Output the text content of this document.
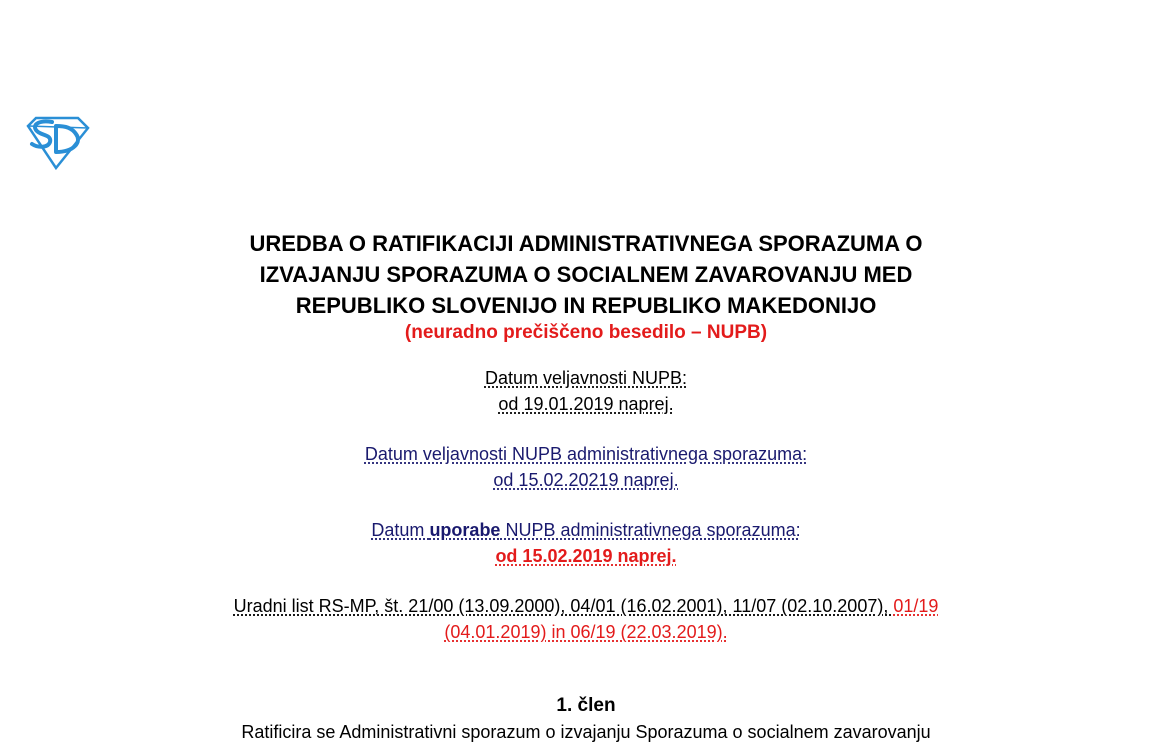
UREDBA O RATIFIKACIJI ADMINISTRATIVNEGA SPORAZUMA O
IZVAJANJU SPORAZUMA O SOCIALNEM ZAVAROVANJU MED
REPUBLIKO SLOVENIJO IN REPUBLIKO MAKEDONIJO
(neuradno prečiščeno besedilo – NUPB)
Datum veljavnosti NUPB:
od 19.01.2019 naprej.
Datum veljavnosti NUPB administrativnega sporazuma:
od 15.02.20219 naprej.
Datum uporabe NUPB administrativnega sporazuma:
od 15.02.2019 naprej.
Uradni list RS-MP, št. 21/00 (13.09.2000), 04/01 (16.02.2001), 11/07 (02.10.2007), 01/19
(04.01.2019) in 06/19 (22.03.2019).
1. člen
Ratificira se Administrativni sporazum o izvajanju Sporazuma o socialnem zavarovanju
